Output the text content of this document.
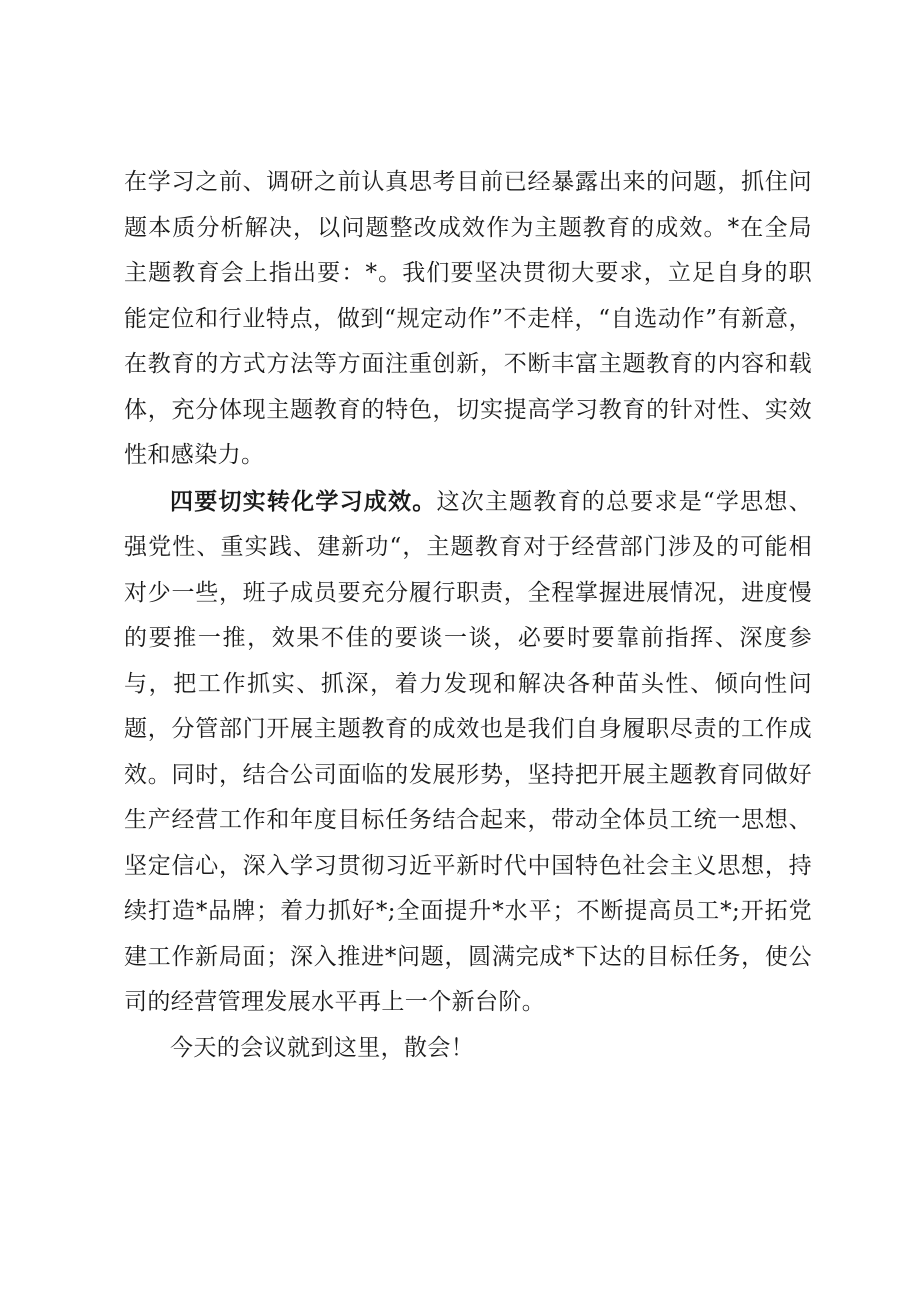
在学习之前、调研之前认真思考目前已经暴露出来的问题，抓住问题本质分析解决，以问题整改成效作为主题教育的成效。*在全局主题教育会上指出要：*。我们要坚决贯彻大要求，立足自身的职能定位和行业特点，做到“规定动作”不走样，“自选动作”有新意，在教育的方式方法等方面注重创新，不断丰富主题教育的内容和载体，充分体现主题教育的特色，切实提高学习教育的针对性、实效性和感染力。

四要切实转化学习成效。这次主题教育的总要求是“学思想、强党性、重实践、建新功“，主题教育对于经营部门涉及的可能相对少一些，班子成员要充分履行职责，全程掌握进展情况，进度慢的要推一推，效果不佳的要谈一谈，必要时要靠前指挥、深度参与，把工作抓实、抓深，着力发现和解决各种苗头性、倾向性问题，分管部门开展主题教育的成效也是我们自身履职尽责的工作成效。同时，结合公司面临的发展形势，坚持把开展主题教育同做好生产经营工作和年度目标任务结合起来，带动全体员工统一思想、坚定信心，深入学习贯彻习近平新时代中国特色社会主义思想，持续打造*品牌；着力抓好*;全面提升*水平；不断提高员工*;开拓党建工作新局面；深入推进*问题，圆满完成*下达的目标任务，使公司的经营管理发展水平再上一个新台阶。

今天的会议就到这里，散会！
